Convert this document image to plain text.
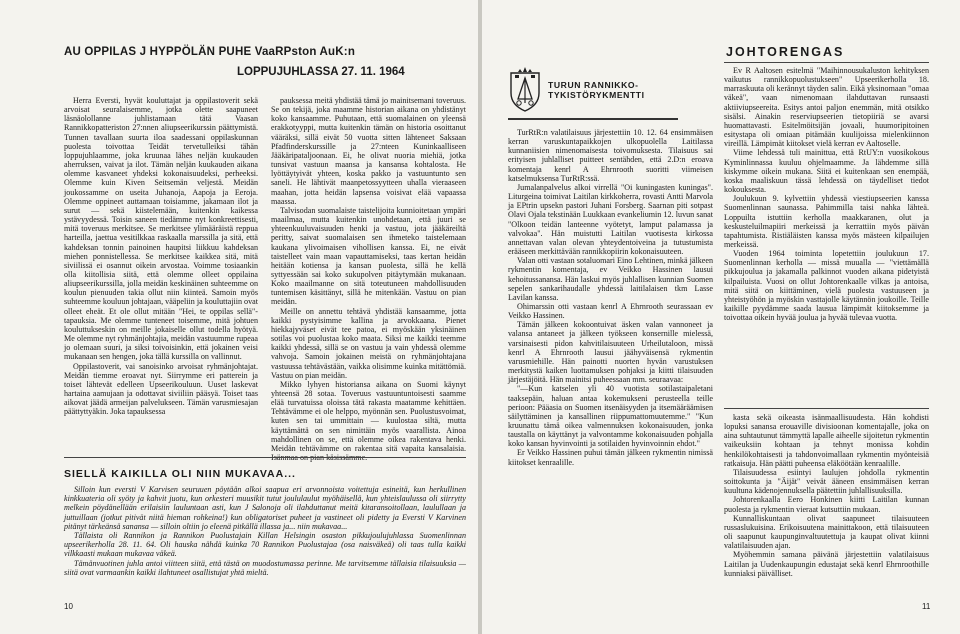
AU OPPILAS J HYPPÖLÄN PUHE VaaRPston AuK:n
LOPPUJUHLASSA 27. 11. 1964

Herra Eversti, hyvät kouluttajat ja oppilastoverit sekä arvoisat seuralaisemme, jotka olette saapuneet läsnäolollanne juhlistamaan tätä Vaasan Rannikkopatteriston 27:nnen aliupseerikurssin päättymistä. Tunnen tavallaan suurta iloa saadessani oppilaskunnan puolesta toivottaa Teidät tervetulleiksi tähän loppujuhlaamme, joka kruunaa lähes neljän kuukauden aherruksen, vaivat ja ilot. Tämän neljän kuukauden aikana olemme kasvaneet yhdeksi kokonaisuudeksi, perheeksi. Olemme kuin Kiven Seitsemän veljestä. Meidän joukossamme on useita Juhanoja, Aapoja ja Eeroja. Olemme oppineet auttamaan toisiamme, jakamaan ilot ja surut — sekä kiistelemään, kuitenkin kaikessa ystävyydessä. Toisin saneen tiedämme nyt konkreettisesti, mitä toveruus merkitsee. Se merkitsee ylimääräistä reppua harteilla, jaettua vesitilkkaa raskaalla marssilla ja sitä, että kahdeksan tonnin painoinen haupitsi liikkuu kahdeksan miehen ponnistellessa. Se merkitsee kaikkea sitä, mitä siviilissä ei osannut oikein arvostaa. Voimme tosiaankin olla kiitollisia siitä, että olemme olleet oppilaina aliupseerikurssilla, jolla meidän keskinäinen suhteemme on koulun pienuuden takia ollut niin kiinteä. Samoin myös suhteemme kouluun johtajaan, vääpeliin ja kouluttajiin ovat olleet eheät. Et ole ollut mitään "Hei, te oppilas sellä"-tapauksia. Me olemme tunteneet toisemme, mitä johtuen kouluttukseskin on meille jokaiselle ollut todella hyötyä. Me olemme nyt ryhmänjohtajia, meidän vastuumme rupeaa jo olemaan suuri, ja siksi toivoisinkin, että jokainen veisi mukanaan sen hengen, joka tällä kurssilla on vallinnut.

Oppilastoverit, vai sanoisinko arvoisat ryhmänjohtajat. Meidän tiemme eroavat nyt. Siirrymme eri patterein ja toiset lähtevät edelleen Upseerikouluun. Uuset laskevat hartaina aamujaan ja odottavat siviiliin pääsyä. Toiset taas aikovat jäädä armeijan palvelukseen. Tämän varusmiesajan päättyttyäkin. Joka tapauksessa

pauksessa meitä yhdistää tämä jo mainitsemani toveruus. Se on tekijä, joka maamme historian aikana on yhdistänyt koko kansaamme. Puhutaan, että suomalainen on yleensä erakkotyyppi, mutta kuitenkin tämän on historia osoittanut vääräksi, sillä eivät 50 vuotta sitten lähteneet Saksaan Pfadfinderskurssille ja 27:nteen Kuninkaalliseen Jääkäripataljoonaan. Ei, he olivat nuoria miehiä, jotka tunsivat vastuun maansa ja kansansa kohtalosta. He lyöttäytyivät yhteen, koska pakko ja vastuuntunto sen saneli. He lähtivät maanpetossyytteen uhalla vieraaseen maahan, jotta heidän lapsensa voisivat elää vapaassa maassa.

Talvisodan suomalaiste taistelijoita kunnioitetaan ympäri maailmaa, mutta kuitenkin unohdetaan, että juuri se yhteenkuuluvaisuuden henki ja vastuu, jota jääkäreiltä peritty, saivat suomalaisen sen ihmeteko taistelemaan kaukana ylivoimaisen vihollisen kanssa. Ei, ne eivät taistelleet vain maan vapauttamiseksi, taas kertan heidän heitään kotiensa ja kansan puolesta, sillä he kellä syttyessään sai koko sukupolven pitäytymään mukanaan. Koko maailmanne on sitä toteutuneen mahdollisuuden tuntemisen käsittänyt, sillä he mitenkään. Vastuu on pian meidän.

Meille on annettu tehtävä yhdistää kansaamme, jotta kaikki pystyisimme kallina ja arvokkaana. Pienet hiekkajyväset eivät tee patoa, ei myöskään yksinäinen sotilas voi puolustaa koko maata. Siksi me kaikki teemme kaikki yhdessä, sillä se on vastuu ja vain yhdessä olemme vahvoja. Samoin jokainen meistä on ryhmänjohtajana vastuussa tehtävästään, vaikka olisimme kuinka mitättömiä. Vastuu on pian meidän.

Mikko lyhyen historiansa aikana on Suomi käynyt yhteensä 28 sotaa. Toveruus vastuuntuntoisesti saamme elää turvatuissa oloissa tätä rakasta maatamme kehittäen. Tehtävämme ei ole helppo, myönnän sen. Puolustusvoimat, kuten sen tai ummittain — kuulostaa siltä, mutta käyttämättä on sen nimittäin myös vaarallista. Ainoa mahdollinen on se, että olemme oikea rakentava henki. Meidän tehtävämme on rakentaa sitä vapaita kansalaisia.

SIELLÄ KAIKILLA OLI NIIN MUKAVAA...

Silloin kun eversti V Karvisen seuruuen pöytään alkoi saapua eri arvonnoista voitettuja esineitä, kun herkullinen kinkkuateria oli syöty ja kahvit juotu, kun orkesteri muusikit tutut joululaulut myöhäisellä, kun yhteislaulussa oli siirrytty melkein pöydänellään erilaisiin lauluntaan asti, kun J Salonoja oli ilahduttanut meitä kitaransoitollaan, laulullaan ja juttuillaan (jotkut pitivät niitä hieman rohkeina!) kun obligatoriset puheet ja vastineet oli pidetty ja Eversti V Karvinen pitänyt tärkeänsä sanansa — silloin oltiin jo eleenä pitkällä illassa ja... niin mukavaa...

Tällaista oli Rannikon ja Rannikon Puolustajain Killan Helsingin osaston pikkujoulujuhlassa Suomenlinnan upseerikerhollа 28. 11. 64. Oli hauska nähdä kuinka 70 Rannikon Puolustajaa (osa naisväkeä) oli taas tulla kaikki vilkkaasti mukaan mukavaa väkeä.

Tämänvuotinen juhla antoi viitteen siitä, että tästä on muodostumassa perinne. Me tarvitsemme tällaisia tilaisuuksia — siitä ovat varmaankin kaikki ilahtuneet osallistujat yhtä mieltä.

10
TURUN RANNIKKO-
TYKISTÖRYKMENTTI

TurRtR:n valatilaisuus järjestettiin 10. 12. 64 ensimmäisen kerran varuskuntapaikkojen ulkopuolella Laitilassa kunnaniisien nimenomaisesta toivomuksesta. Tilaisuus sai erityisen juhlalliset puitteet sentähden, että 2.D:n eroava komentaja kenrl A Ehrnrooth suoritti viimeisen katselmuksensa TurRtR:ssä.

Jumalanpalvelus alkoi virrellä "Oi kuningasten kuningas". Liturgeina toimivat Laitilan kirkkoherra, rovasti Antti Marvola ja EPtrin upsekn pastori Juhani Forsberg. Saarnan piti sotpast Olavi Ojala tekstinään Luukkaan evankeliumin 12. luvun sanat "Olkoon teidän lanteenne vyötetyt, lamput palamassa ja valvokaa". Hän muistutti Laitilan vuotisesta kirkossa annettavan valan olevan yhteydentoiveina ja tutustumista erääseen merkittävään rannikkopiirin kokonaisuuteen.

Valan otti vastaan sotaluomari Eino Lehtinen, minkä jälkeen rykmentin komentaja, ev Veikko Hassinen lausui kehoitussanansa. Hän laskui myös juhlallisen kunnian Suomen sepelen sankarihaudalle yhdessä laitilalaisen tkm Lasse Lavilan kanssa.

Ohimarssin otti vastaan kenrl A Ehrnrooth seurassaan ev Veikko Hassinen.

Tämän jälkeen kokoontuivat äsken valan vannoneet ja valansa antaneet ja jälkeen työkseen konsernille mielessä, varsinaisesti pidon kahvitilaisuuteen Urheilutaloon, missä kenrl A Ehrnrooth lausui jäähyväisensä rykmentin varusmiehille. Hän painotti nuorten hyvän varustuksen merkitystä kaiken luottamuksen pohjaksi ja kiitti tilaisuuden järjestäjöitä. Hän mainitsi puheessaan mm. seuraavaa:

"—Kun katselen yli 40 vuotista sotilastaipaletani taaksepäin, haluan antaa kokemukseni perusteella teille perioon: Pääasia on Suomen itsenäisyyden ja itsemääräämisen säilyttäminen ja kansallinen riippumattomuutemme." "Kun kruunattu tämä oikea valmennuksen kokonaisuuden, jonka taustalla on käyttänyt ja valvontamme kokonaisuuden pohjalla koko kansan hyvinvointi ja sotilaiden hyvinvoinnin ehdot."

Er Veikko Hassinen puhui tämän jälkeen rykmentin nimissä kiitokset kenraalille.

JOHTORENGAS

Ev R Aaltosen esitelmä "Maihinnousukaluston kehityksen vaikutus rannikkopuolustukseen" Upseerikerhollа 18. marraskuuta oli kerännyt täyden salin. Eikä yksinomaan "omaa väkeä", vaan nimenomaan ilahduttavan runsaasti aktiiviupseereita. Esitys antoi paljon enemmän, mitä otsikko sisälsi. Ainakin reserviupseerien tietopiiriä se avarsi huomattavasti. Esitelmöitsijän jovaali, huumoripitoinen esitystapa oli omiaan pitämään kuulijoissa mielenkiinnon vireillä. Lämpimät kiitokset vielä kerran ev Aaltoselle.

Viime lehdessä tuli mainittua, että RtUY:n vuosikokous Kyminlinnassa kuuluu ohjelmaamme. Ja lähdemme sillä kiskymme oikein mukana. Siitä ei kuitenkaan sen enempää, koska maaliskuun tässä lehdessä on täydelliset tiedot kokouksesta.

Joulukuun 9. kylvettiin yhdessä viestiupseerien kanssa Suomenlinnan saunassa. Pahimmilla taisi nahka lähteä. Loppuilta istuttiin kerholla maakkaranen, olut ja keskusteluilmapiiri merkeissä ja kerrattiin myös päivän tapahtumista. Ristiäläisten kanssa myös mästeen kilpailujen merkeissä.

Vuoden 1964 toiminta lopetettiin joulukuun 17. Suomenlinnan kerholla — missä muualla — "viettämällä pikkujoulua ja jakamalla palkinnot vuoden aikana pidetyistä kilpailuista. Vuosi on ollut Johtorenkaalle vilkas ja antoisa, mitä siitä on kiittäminen, vielä puolesta vastuuseen ja yhteistyöhön ja myöskin vasttajolle käytännön joukoille. Teille kaikille pyydämme saada lausua lämpimät kiitoksemme ja toivottaa oikein hyvää joulua ja hyvää tulevaa vuotta.

kasta sekä oikeasta isänmaallisuudesta. Hän kohdisti lopuksi sanansa erouaville divisioonan komentajalle, joka on aina suhtautunut tämmyttä lapalle aiheelle sijoitetun rykmentin vaikeuksiin kohtaan ja tehnyt monissa kohdin henkilökohtaisesti ja tahdonvoimallaan rykmentin myönteisiä ratkaisuja. Hän päätti puheensa eläköötään kenraalille.

Tilaisuudessa esiintyi laulujen johdolla rykmentin soittokunta ja "Äijät" veivät ääneen ensimmäisen kerran kuultuna kädenojennuksella päätettiin juhlallisuuksilla.

Johtorenkaalla Eero Honkinen kiitti Laitilan kunnan puolesta ja rykmentin vieraat kutsuttiin mukaan.

Kunnalliskuntaan olivat saapuneet tilaisuuteen russaslukuisina. Erikoisuutena mainittakoon, että tilaisuuteen oli saapunut kaupunginvaltuutettuja ja kaupat olivat kiinni valatilaisuuden ajan.

Myöhemmin samana päivänä järjestettiin valatilaisuus Laitilan ja Uudenkaupungin edustajat sekä kenrl Ehrnroothille kunniaksi päivälliset.

11
